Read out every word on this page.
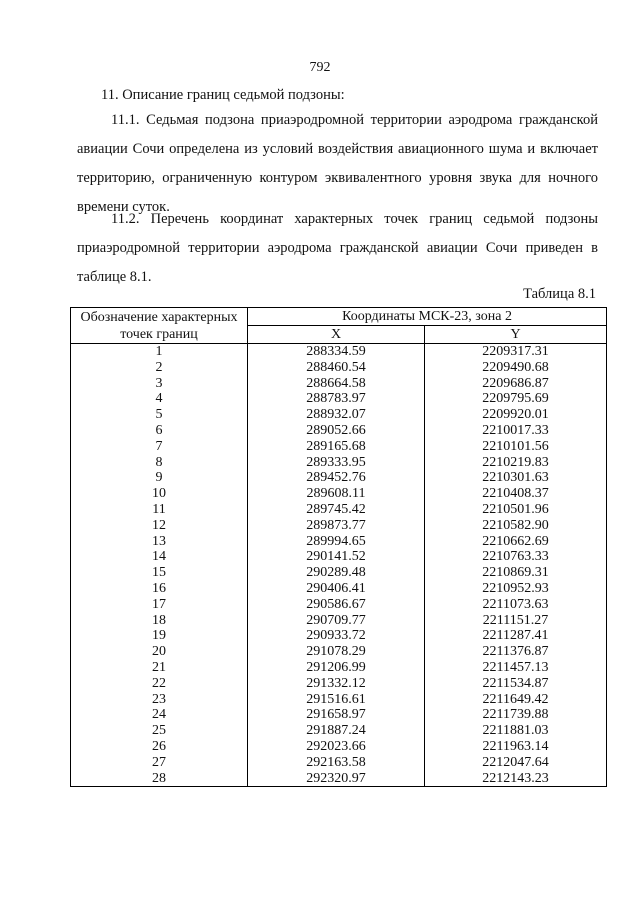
792
11. Описание границ седьмой подзоны:
11.1. Седьмая подзона приаэродромной территории аэродрома гражданской авиации Сочи определена из условий воздействия авиационного шума и включает территорию, ограниченную контуром эквивалентного уровня звука для ночного времени суток.
11.2. Перечень координат характерных точек границ седьмой подзоны приаэродромной территории аэродрома гражданской авиации Сочи приведен в таблице 8.1.
Таблица 8.1
Обозначение характерных точек границ	Координаты МСК-23, зона 2	
	X	Y
1	288334.59	2209317.31
2	288460.54	2209490.68
3	288664.58	2209686.87
4	288783.97	2209795.69
5	288932.07	2209920.01
6	289052.66	2210017.33
7	289165.68	2210101.56
8	289333.95	2210219.83
9	289452.76	2210301.63
10	289608.11	2210408.37
11	289745.42	2210501.96
12	289873.77	2210582.90
13	289994.65	2210662.69
14	290141.52	2210763.33
15	290289.48	2210869.31
16	290406.41	2210952.93
17	290586.67	2211073.63
18	290709.77	2211151.27
19	290933.72	2211287.41
20	291078.29	2211376.87
21	291206.99	2211457.13
22	291332.12	2211534.87
23	291516.61	2211649.42
24	291658.97	2211739.88
25	291887.24	2211881.03
26	292023.66	2211963.14
27	292163.58	2212047.64
28	292320.97	2212143.23
